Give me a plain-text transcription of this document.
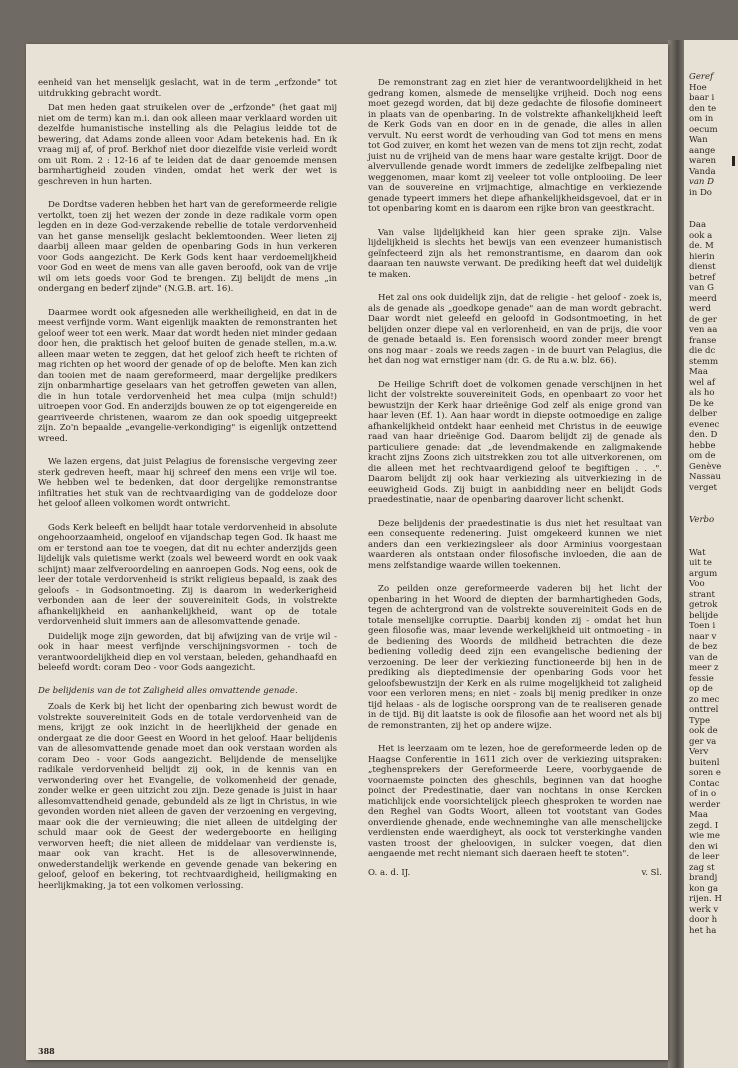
eenheid van het menselijk geslacht, wat in de term „erfzonde" tot uitdrukking gebracht wordt.

Dat men heden gaat struikelen over de „erfzonde" (het gaat mij niet om de term) kan m.i. dan ook alleen maar verklaard worden uit dezelfde humanistische instelling als die Pelagius leidde tot de bewering, dat Adams zonde alleen voor Adam betekenis had. En ik vraag mij af, of prof. Berkhof niet door diezelfde visie verleid wordt om uit Rom. 2 : 12-16 af te leiden dat de daar genoemde mensen barmhartigheid zouden vinden, omdat het werk der wet is geschreven in hun harten.

De Dordtse vaderen hebben het hart van de gereformeerde religie vertolkt, toen zij het wezen der zonde in deze radikale vorm open legden en in deze God-verzakende rebellie de totale verdorvenheid van het ganse menselijk geslacht beklemtoonden. Weer lieten zij daarbij alleen maar gelden de openbaring Gods in hun verkeren voor Gods aangezicht. De Kerk Gods kent haar verdoemelijkheid voor God en weet de mens van alle gaven beroofd, ook van de vrije wil om iets goeds voor God te brengen. Zij belijdt de mens „in ondergang en bederf zijnde" (N.G.B. art. 16).

Daarmee wordt ook afgesneden alle werkheiligheid, en dat in de meest verfijnde vorm. Want eigenlijk maakten de remonstranten het geloof weer tot een werk. Maar dat wordt heden niet minder gedaan door hen, die praktisch het geloof buiten de genade stellen, m.a.w. alleen maar weten te zeggen, dat het geloof zich heeft te richten of mag richten op het woord der genade of op de belofte. Men kan zich dan tooien met de naam gereformeerd, maar dergelijke predikers zijn onbarmhartige geselaars van het getroffen geweten van allen, die in hun totale verdorvenheid het mea culpa (mijn schuld!) uitroepen voor God. En anderzijds bouwen ze op tot eigengereide en gearriveerde christenen, waarom ze dan ook spoedig uitgepreekt zijn. Zo'n bepaalde „evangelie-verkondiging" is eigenlijk ontzettend wreed.

We lazen ergens, dat juist Pelagius de forensische vergeving zeer sterk gedreven heeft, maar hij schreef den mens een vrije wil toe. We hebben wel te bedenken, dat door dergelijke remonstrantse infiltraties het stuk van de rechtvaardiging van de goddeloze door het geloof alleen volkomen wordt ontwricht.

Gods Kerk beleeft en belijdt haar totale verdorvenheid in absolute ongehoorzaamheid, ongeloof en vijandschap tegen God. Ik haast me om er terstond aan toe te voegen, dat dit nu echter anderzijds geen lijdelijk vals quietisme werkt (zoals wel beweerd wordt en ook vaak schijnt) maar zelfveroordeling en aanroepen Gods. Nog eens, ook de leer der totale verdorvenheid is strikt religieus bepaald, is zaak des geloofs - in Godsontmoeting. Zij is daarom in wederkerigheid verbonden aan de leer der souvereiniteit Gods, in volstrekte afhankelijkheid en aanhankelijkheid, want op de totale verdorvenheid sluit immers aan de allesomvattende genade.

Duidelijk moge zijn geworden, dat bij afwijzing van de vrije wil - ook in haar meest verfijnde verschijningsvormen - toch de verantwoordelijkheid diep en vol verstaan, beleden, gehandhaafd en beleefd wordt: coram Deo - voor Gods aangezicht.

De belijdenis van de tot Zaligheid alles omvattende genade.

Zoals de Kerk bij het licht der openbaring zich bewust wordt de volstrekte souvereiniteit Gods en de totale verdorvenheid van de mens, krijgt ze ook inzicht in de heerlijkheid der genade en ondergaat ze die door Geest en Woord in het geloof. Haar belijdenis van de allesomvattende genade moet dan ook verstaan worden als coram Deo - voor Gods aangezicht. Belijdende de menselijke radikale verdorvenheid belijdt zij ook, in de kennis van en verwondering over het Evangelie, de volkomenheid der genade, zonder welke er geen uitzicht zou zijn. Deze genade is juist in haar allesomvattendheid genade, gebundeld als ze ligt in Christus, in wie gevonden worden niet alleen de gaven der verzoening en vergeving, maar ook die der vernieuwing; die niet alleen de uitdelging der schuld maar ook de Geest der wedergeboorte en heiliging verworven heeft; die niet alleen de middelaar van verdienste is, maar ook van kracht. Het is de allesoverwinnende, onwederstandelijk werkende en gevende genade van bekering en geloof, geloof en bekering, tot rechtvaardigheid, heiligmaking en heerlijkmaking, ja tot een volkomen verlossing.

De remonstrant zag en ziet hier de verantwoordelijkheid in het gedrang komen, alsmede de menselijke vrijheid. Doch nog eens moet gezegd worden, dat bij deze gedachte de filosofie domineert in plaats van de openbaring. In de volstrekte afhankelijkheid leeft de Kerk Gods van en door en in de genade, die alles in allen vervult. Nu eerst wordt de verhouding van God tot mens en mens tot God zuiver, en komt het wezen van de mens tot zijn recht, zodat juist nu de vrijheid van de mens haar ware gestalte krijgt. Door de alvervullende genade wordt immers de zedelijke zelfbepaling niet weggenomen, maar komt zij veeleer tot volle ontplooiing. De leer van de souvereine en vrijmachtige, almachtige en verkiezende genade typeert immers het diepe afhankelijkheidsgevoel, dat er in tot openbaring komt en is daarom een rijke bron van geestkracht.

Van valse lijdelijkheid kan hier geen sprake zijn. Valse lijdelijkheid is slechts het bewijs van een evenzeer humanistisch geïnfecteerd zijn als het remonstrantisme, en daarom dan ook daaraan ten nauwste verwant. De prediking heeft dat wel duidelijk te maken.

Het zal ons ook duidelijk zijn, dat de religie - het geloof - zoek is, als de genade als „goedkope genade" aan de man wordt gebracht. Daar wordt niet geleefd en geloofd in Godsontmoeting, in het belijden onzer diepe val en verlorenheid, en van de prijs, die voor de genade betaald is. Een forensisch woord zonder meer brengt ons nog maar - zoals we reeds zagen - in de buurt van Pelagius, die het dan nog wat ernstiger nam (dr. G. de Ru a.w. blz. 66).

De Heilige Schrift doet de volkomen genade verschijnen in het licht der volstrekte souvereiniteit Gods, en openbaart zo voor het bewustzijn der Kerk haar drieënige God zelf als enige grond van haar leven (Ef. 1). Aan haar wordt in diepste ootmoedige en zalige afhankelijkheid ontdekt haar eenheid met Christus in de eeuwige raad van haar drieënige God. Daarom belijdt zij de genade als particuliere genade: dat „de levendmakende en zaligmakende kracht zijns Zoons zich uitstrekken zou tot alle uitverkorenen, om die alleen met het rechtvaardigend geloof te begiftigen . . .". Daarom belijdt zij ook haar verkiezing als uitverkiezing in de eeuwigheid Gods. Zij buigt in aanbidding neer en belijdt Gods praedestinatie, naar de openbaring daarover licht schenkt.

Deze belijdenis der praedestinatie is dus niet het resultaat van een consequente redenering. Juist omgekeerd kunnen we niet anders dan een verkiezingsleer als door Arminius voorgestaan waarderen als ontstaan onder filosofische invloeden, die aan de mens zelfstandige waarde willen toekennen.

Zo peilden onze gereformeerde vaderen bij het licht der openbaring in het Woord de diepten der barmhartigheden Gods, tegen de achtergrond van de volstrekte souvereiniteit Gods en de totale menselijke corruptie. Daarbij konden zij - omdat het hun geen filosofie was, maar levende werkelijkheid uit ontmoeting - in de bediening des Woords de mildheid betrachten die deze bediening volledig deed zijn een evangelische bediening der verzoening. De leer der verkiezing functioneerde bij hen in de prediking als dieptedimensie der openbaring Gods voor het geloofsbewustzijn der Kerk en als ruime mogelijkheid tot zaligheid voor een verloren mens; en niet - zoals bij menig prediker in onze tijd helaas - als de logische oorsprong van de te realiseren genade in de tijd. Bij dit laatste is ook de filosofie aan het woord net als bij de remonstranten, zij het op andere wijze.

Het is leerzaam om te lezen, hoe de gereformeerde leden op de Haagse Conferentie in 1611 zich over de verkiezing uitspraken: „teghensprekers der Gereformeerde Leere, voorbygaende de voornaemste poincten des gheschils, beginnen van dat hooghe poinct der Predestinatie, daer van nochtans in onse Kercken matichlijck ende voorsichtelijck pleech ghesproken te worden nae den Reghel van Godts Woort, alleen tot vootstant van Godes onverdiende ghenade, ende wechneminghe van alle menschelijcke verdiensten ende waerdigheyt, als oock tot versterkinghe vanden vasten troost der gheloovigen, in sulcker voegen, dat dien aengaende met recht niemant sich daeraen heeft te stoten".

O. a. d. IJ.	v. Sl.
388
Geref
Hoe
baar i
den te
om in
oecum
Wan
aange
waren
Vanda
van D
in Do
Daa
ook a
de. M
hierin
dienst
betref
van G
meerd
werd
de ger
ven aa
franse
die dc
stemm
Maa
wel af
als ho
De ke
delber
evenec
den. D
hebbe
om de
Genève
Nassau
verget
Verbo
Wat
uit te
argum
Voo
strant
getrok
belijde
Toen i
naar v
de bez
van de
meer z
fessie
op de
zo mec
onttrel
Type
ook de
ger va
Verv
buitenl
soren e
Contac
of in o
werder
Maa
zegd. I
wie me
den wi
de leer
zag st
brandj
kon ga
rijen. H
werk v
door h
het ha
